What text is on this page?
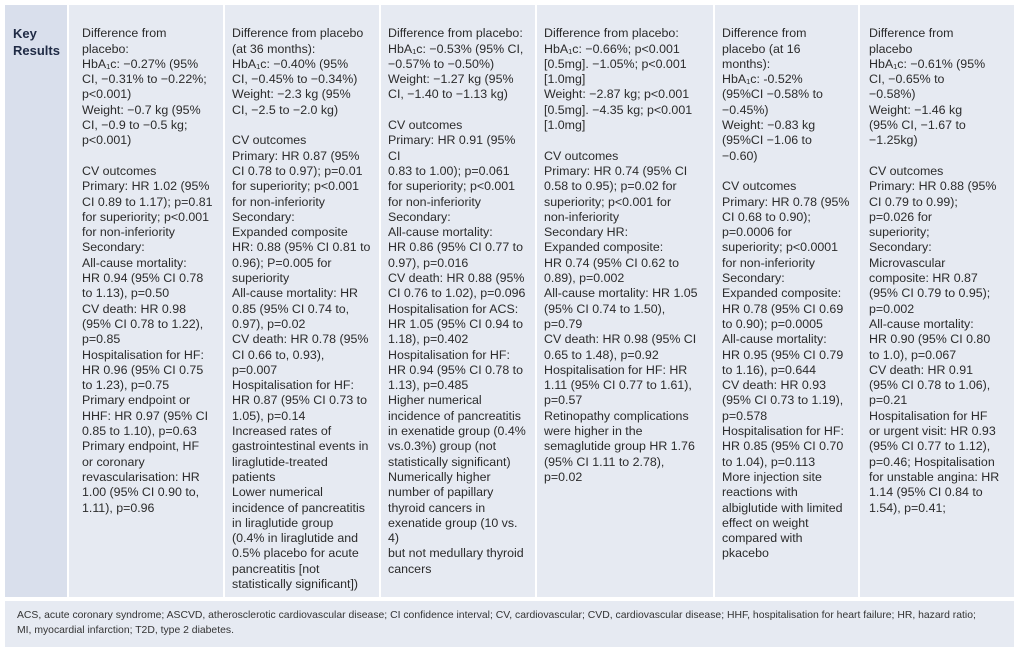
Key
Results

Difference from
placebo:
HbA₁c: −0.27% (95%
CI, −0.31% to −0.22%;
p<0.001)
Weight: −0.7 kg (95%
CI, −0.9 to −0.5 kg;
p<0.001)

CV outcomes
Primary: HR 1.02 (95%
CI 0.89 to 1.17); p=0.81
for superiority; p<0.001
for non-inferiority
Secondary:
All-cause mortality:
HR 0.94 (95% CI 0.78
to 1.13), p=0.50
CV death: HR 0.98
(95% CI 0.78 to 1.22),
p=0.85
Hospitalisation for HF:
HR 0.96 (95% CI 0.75
to 1.23), p=0.75
Primary endpoint or
HHF: HR 0.97 (95% CI
0.85 to 1.10), p=0.63
Primary endpoint, HF
or coronary
revascularisation: HR
1.00 (95% CI 0.90 to,
1.11), p=0.96

Difference from placebo
(at 36 months):
HbA₁c: −0.40% (95%
CI, −0.45% to −0.34%)
Weight: −2.3 kg (95%
CI, −2.5 to −2.0 kg)

CV outcomes
Primary: HR 0.87 (95%
CI 0.78 to 0.97); p=0.01
for superiority; p<0.001
for non-inferiority
Secondary:
Expanded composite
HR: 0.88 (95% CI 0.81 to
0.96); P=0.005 for
superiority
All-cause mortality: HR
0.85 (95% CI 0.74 to,
0.97), p=0.02
CV death: HR 0.78 (95%
CI 0.66 to, 0.93),
p=0.007
Hospitalisation for HF:
HR 0.87 (95% CI 0.73 to
1.05), p=0.14
Increased rates of
gastrointestinal events in
liraglutide-treated
patients
Lower numerical
incidence of pancreatitis
in liraglutide group
(0.4% in liraglutide and
0.5% placebo for acute
pancreatitis [not
statistically significant])

Difference from placebo:
HbA₁c: −0.53% (95% CI,
−0.57% to −0.50%)
Weight: −1.27 kg (95%
CI, −1.40 to −1.13 kg)

CV outcomes
Primary: HR 0.91 (95% CI
0.83 to 1.00); p=0.061
for superiority; p<0.001
for non-inferiority
Secondary:
All-cause mortality:
HR 0.86 (95% CI 0.77 to
0.97), p=0.016
CV death: HR 0.88 (95%
CI 0.76 to 1.02), p=0.096
Hospitalisation for ACS:
HR 1.05 (95% CI 0.94 to
1.18), p=0.402
Hospitalisation for HF:
HR 0.94 (95% CI 0.78 to
1.13), p=0.485
Higher numerical
incidence of pancreatitis
in exenatide group (0.4%
vs.0.3%) group (not
statistically significant)
Numerically higher
number of papillary
thyroid cancers in
exenatide group (10 vs. 4)
but not medullary thyroid
cancers

Difference from placebo:
HbA₁c: −0.66%; p<0.001
[0.5mg]. −1.05%; p<0.001
[1.0mg]
Weight: −2.87 kg; p<0.001
[0.5mg]. −4.35 kg; p<0.001
[1.0mg]

CV outcomes
Primary: HR 0.74 (95% CI
0.58 to 0.95); p=0.02 for
superiority; p<0.001 for
non-inferiority
Secondary HR:
Expanded composite:
HR 0.74 (95% CI 0.62 to
0.89), p=0.002
All-cause mortality: HR 1.05
(95% CI 0.74 to 1.50),
p=0.79
CV death: HR 0.98 (95% CI
0.65 to 1.48), p=0.92
Hospitalisation for HF: HR
1.11 (95% CI 0.77 to 1.61),
p=0.57
Retinopathy complications
were higher in the
semaglutide group HR 1.76
(95% CI 1.11 to 2.78),
p=0.02

Difference from
placebo (at 16
months):
HbA₁c: -0.52%
(95%CI −0.58% to
−0.45%)
Weight: −0.83 kg
(95%CI −1.06 to
−0.60)

CV outcomes
Primary: HR 0.78 (95%
CI 0.68 to 0.90);
p=0.0006 for
superiority; p<0.0001
for non-inferiority
Secondary:
Expanded composite:
HR 0.78 (95% CI 0.69
to 0.90); p=0.0005
All-cause mortality:
HR 0.95 (95% CI 0.79
to 1.16), p=0.644
CV death: HR 0.93
(95% CI 0.73 to 1.19),
p=0.578
Hospitalisation for HF:
HR 0.85 (95% CI 0.70
to 1.04), p=0.113
More injection site
reactions with
albiglutide with limited
effect on weight
compared with
pkacebo

Difference from
placebo
HbA₁c: −0.61% (95%
CI, −0.65% to
−0.58%)
Weight: −1.46 kg
(95% CI, −1.67 to
−1.25kg)

CV outcomes
Primary: HR 0.88 (95%
CI 0.79 to 0.99);
p=0.026 for
superiority;
Secondary:
Microvascular
composite: HR 0.87
(95% CI 0.79 to 0.95);
p=0.002
All-cause mortality:
HR 0.90 (95% CI 0.80
to 1.0), p=0.067
CV death: HR 0.91
(95% CI 0.78 to 1.06),
p=0.21
Hospitalisation for HF
or urgent visit: HR 0.93
(95% CI 0.77 to 1.12),
p=0.46; Hospitalisation
for unstable angina: HR
1.14 (95% CI 0.84 to
1.54), p=0.41;

ACS, acute coronary syndrome; ASCVD, atherosclerotic cardiovascular disease; CI confidence interval; CV, cardiovascular; CVD, cardiovascular disease; HHF, hospitalisation for heart failure; HR, hazard ratio;
MI, myocardial infarction; T2D, type 2 diabetes.
